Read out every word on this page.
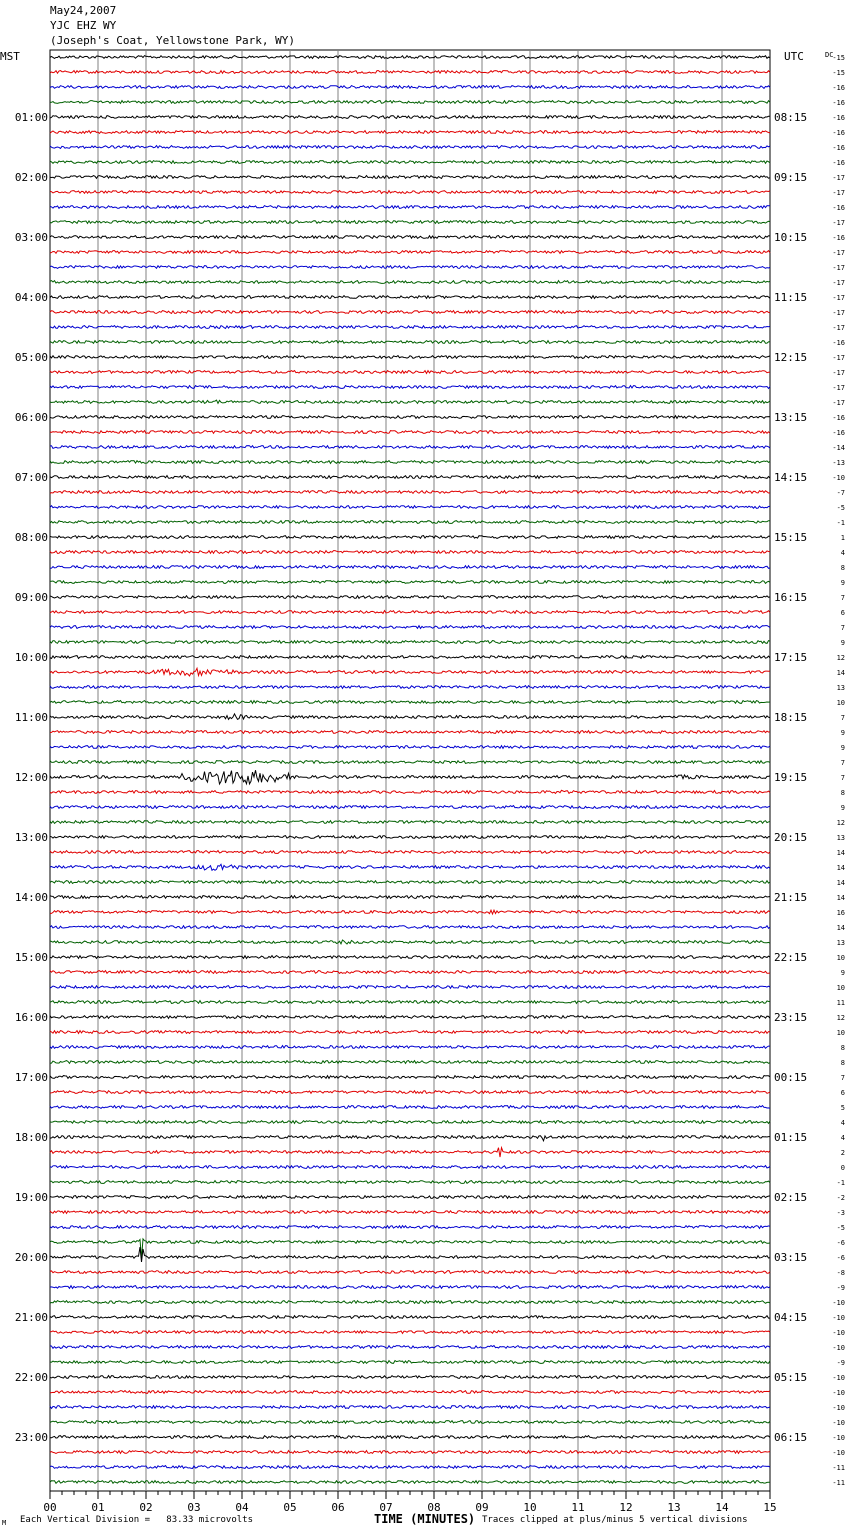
May24,2007
YJC EHZ WY
(Joseph's Coat, Yellowstone Park, WY)
-15
-15
-16
-16
-16
-16
-16
-16
-17
-17
-16
-17
-16
-17
-17
-17
-17
-17
-17
-16
-17
-17
-17
-17
-16
-16
-14
-13
-10
-7
-5
-1
1
4
8
9
7
6
7
9
12
14
13
10
7
9
9
7
7
8
9
12
13
14
14
14
14
16
14
13
10
9
10
11
12
10
8
8
7
6
5
4
4
2
0
-1
-2
-3
-5
-6
-6
-8
-9
-10
-10
-10
-10
-9
-10
-10
-10
-10
-10
-10
-11
-11
01:00
02:00
03:00
04:00
05:00
06:00
07:00
08:00
09:00
10:00
11:00
12:00
13:00
14:00
15:00
16:00
17:00
18:00
19:00
20:00
21:00
22:00
23:00
08:15
09:15
10:15
11:15
12:15
13:15
14:15
15:15
16:15
17:15
18:15
19:15
20:15
21:15
22:15
23:15
00:15
01:15
02:15
03:15
04:15
05:15
06:15
MST	UTC	DC
00	01	02	03	04	05	06	07	08	09	10	11	12	13	14	15
M Each Vertical Division =   83.33 microvolts	TIME (MINUTES) Traces clipped at plus/minus 5 vertical divisions
